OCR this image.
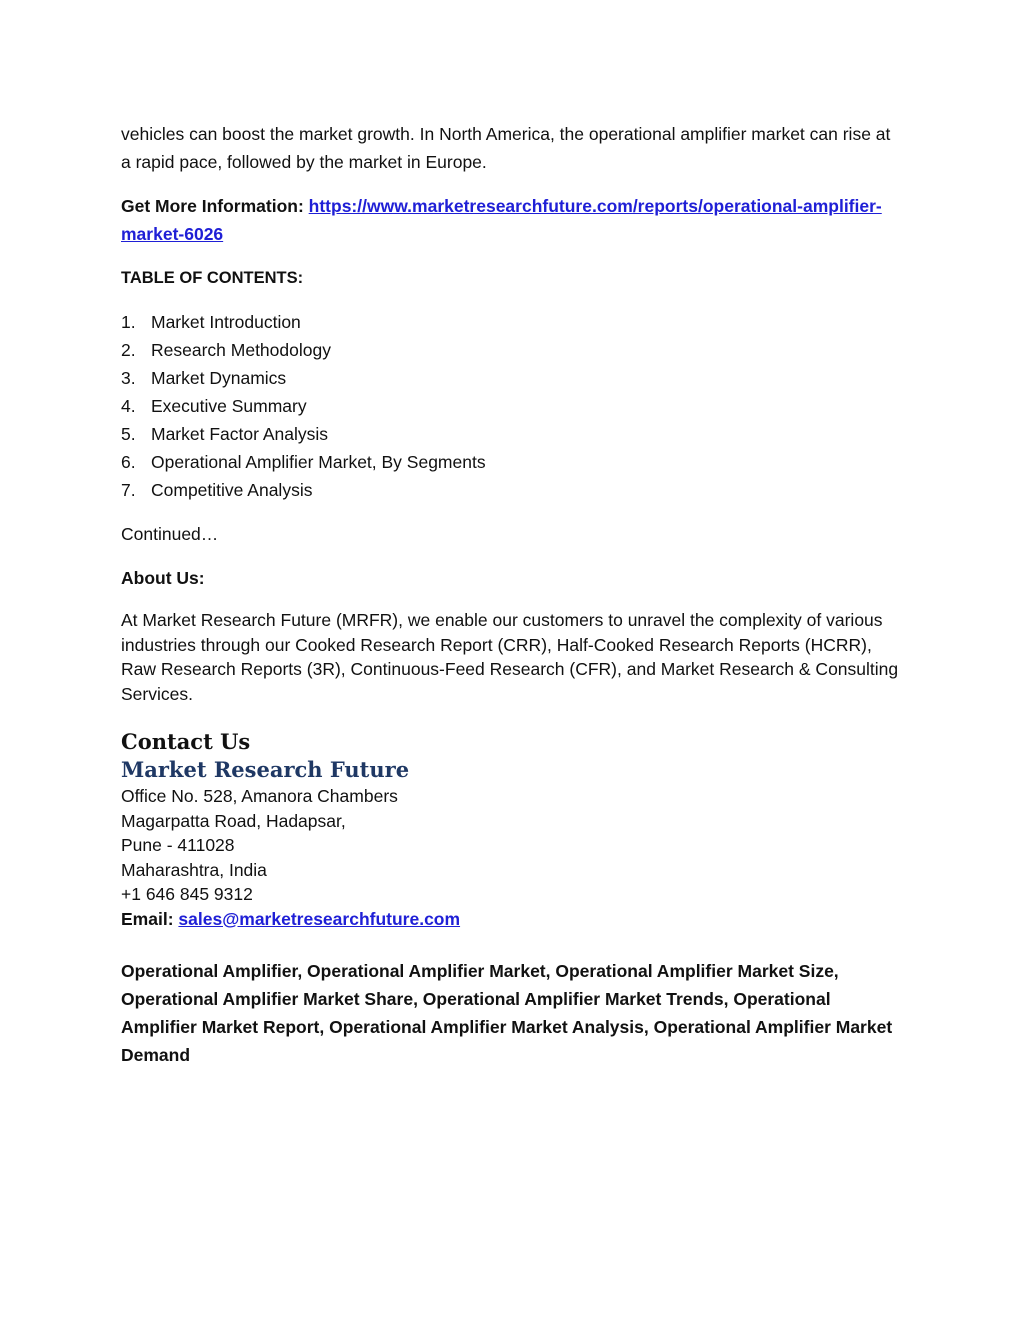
vehicles can boost the market growth. In North America, the operational amplifier market can rise at a rapid pace, followed by the market in Europe.

Get More Information: https://www.marketresearchfuture.com/reports/operational-amplifier-market-6026

TABLE OF CONTENTS:

1. Market Introduction
2. Research Methodology
3. Market Dynamics
4. Executive Summary
5. Market Factor Analysis
6. Operational Amplifier Market, By Segments
7. Competitive Analysis

Continued…

About Us:

At Market Research Future (MRFR), we enable our customers to unravel the complexity of various industries through our Cooked Research Report (CRR), Half-Cooked Research Reports (HCRR), Raw Research Reports (3R), Continuous-Feed Research (CFR), and Market Research & Consulting Services.

Contact Us
Market Research Future

Office No. 528, Amanora Chambers

Magarpatta Road, Hadapsar,

Pune - 411028

Maharashtra, India

+1 646 845 9312

Email: sales@marketresearchfuture.com

Operational Amplifier, Operational Amplifier Market, Operational Amplifier Market Size, Operational Amplifier Market Share, Operational Amplifier Market Trends, Operational Amplifier Market Report, Operational Amplifier Market Analysis, Operational Amplifier Market Demand
